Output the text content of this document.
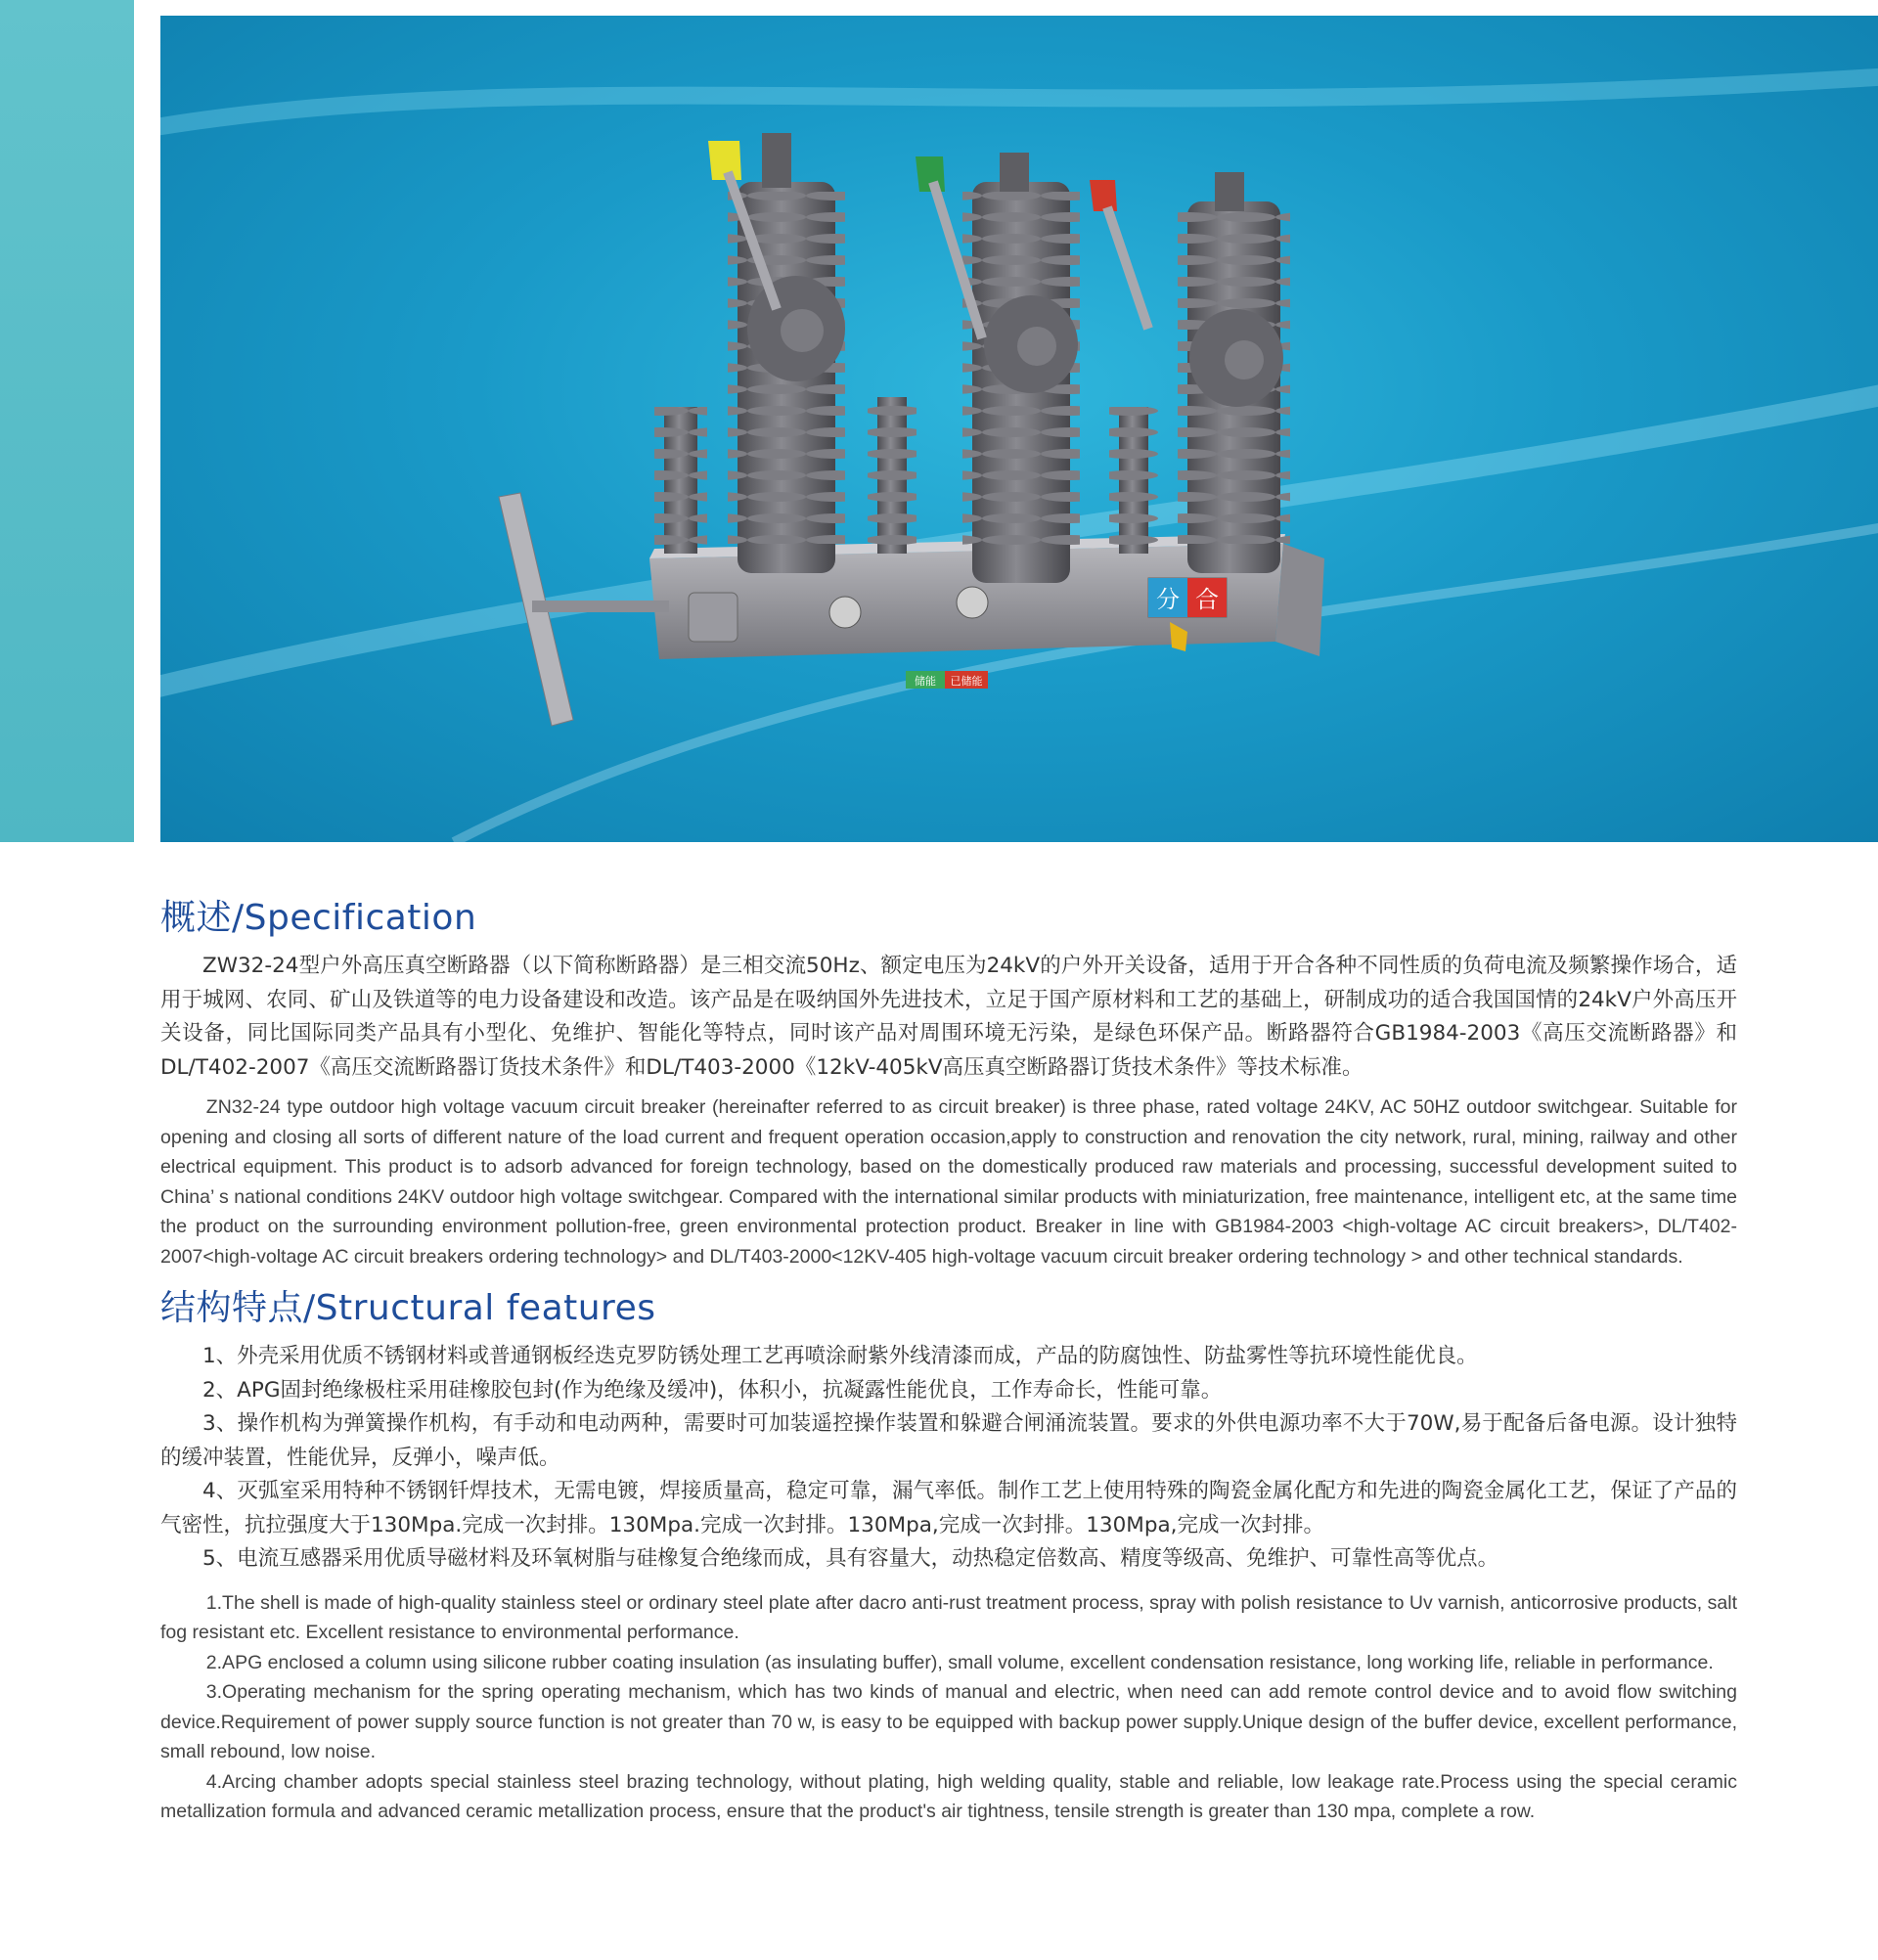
分 合
储能 已储能
概述/Specification

ZW32-24型户外高压真空断路器（以下简称断路器）是三相交流50Hz、额定电压为24kV的户外开关设备，适用于开合各种不同性质的负荷电流及频繁操作场合，适用于城网、农同、矿山及铁道等的电力设备建设和改造。该产品是在吸纳国外先进技术，立足于国产原材料和工艺的基础上，研制成功的适合我国国情的24kV户外高压开关设备，同比国际同类产品具有小型化、免维护、智能化等特点，同时该产品对周围环境无污染，是绿色环保产品。断路器符合GB1984-2003《高压交流断路器》和DL/T402-2007《高压交流断路器订货技术条件》和DL/T403-2000《12kV-405kV高压真空断路器订货技术条件》等技术标准。

ZN32-24 type outdoor high voltage vacuum circuit breaker (hereinafter referred to as circuit breaker) is three phase, rated voltage 24KV, AC 50HZ outdoor switchgear. Suitable for opening and closing all sorts of different nature of the load current and frequent operation occasion,apply to construction and renovation the city network, rural, mining, railway and other electrical equipment. This product is to adsorb advanced for foreign technology, based on the domestically produced raw materials and processing, successful development suited to China’ s national conditions 24KV outdoor high voltage switchgear. Compared with the international similar products with miniaturization, free maintenance, intelligent etc, at the same time the product on the surrounding environment pollution-free, green environmental protection product. Breaker in line with GB1984-2003 <high-voltage AC circuit breakers>, DL/T402-2007<high-voltage AC circuit breakers ordering technology> and DL/T403-2000<12KV-405 high-voltage vacuum circuit breaker ordering technology > and other technical standards.

结构特点/Structural features

1、外壳采用优质不锈钢材料或普通钢板经迭克罗防锈处理工艺再喷涂耐紫外线清漆而成，产品的防腐蚀性、防盐雾性等抗环境性能优良。

2、APG固封绝缘极柱采用硅橡胶包封(作为绝缘及缓冲)，体积小，抗凝露性能优良，工作寿命长，性能可靠。

3、操作机构为弹簧操作机构，有手动和电动两种，需要时可加装遥控操作装置和躲避合闸涌流装置。要求的外供电源功率不大于70W,易于配备后备电源。设计独特的缓冲装置，性能优异，反弹小，噪声低。

4、灭弧室采用特种不锈钢钎焊技术，无需电镀，焊接质量高，稳定可靠，漏气率低。制作工艺上使用特殊的陶瓷金属化配方和先进的陶瓷金属化工艺，保证了产品的气密性，抗拉强度大于130Mpa.完成一次封排。130Mpa.完成一次封排。130Mpa,完成一次封排。130Mpa,完成一次封排。

5、电流互感器采用优质导磁材料及环氧树脂与硅橡复合绝缘而成，具有容量大，动热稳定倍数高、精度等级高、免维护、可靠性高等优点。

1.The shell is made of high-quality stainless steel or ordinary steel plate after dacro anti-rust treatment process, spray with polish resistance to Uv varnish, anticorrosive products, salt fog resistant etc. Excellent resistance to environmental performance.

2.APG enclosed a column using silicone rubber coating insulation (as insulating buffer), small volume, excellent condensation resistance, long working life, reliable in performance.

3.Operating mechanism for the spring operating mechanism, which has two kinds of manual and electric, when need can add remote control device and to avoid flow switching device.Requirement of power supply source function is not greater than 70 w, is easy to be equipped with backup power supply.Unique design of the buffer device, excellent performance, small rebound, low noise.

4.Arcing chamber adopts special stainless steel brazing technology, without plating, high welding quality, stable and reliable, low leakage rate.Process using the special ceramic metallization formula and advanced ceramic metallization process, ensure that the product's air tightness, tensile strength is greater than 130 mpa, complete a row.
